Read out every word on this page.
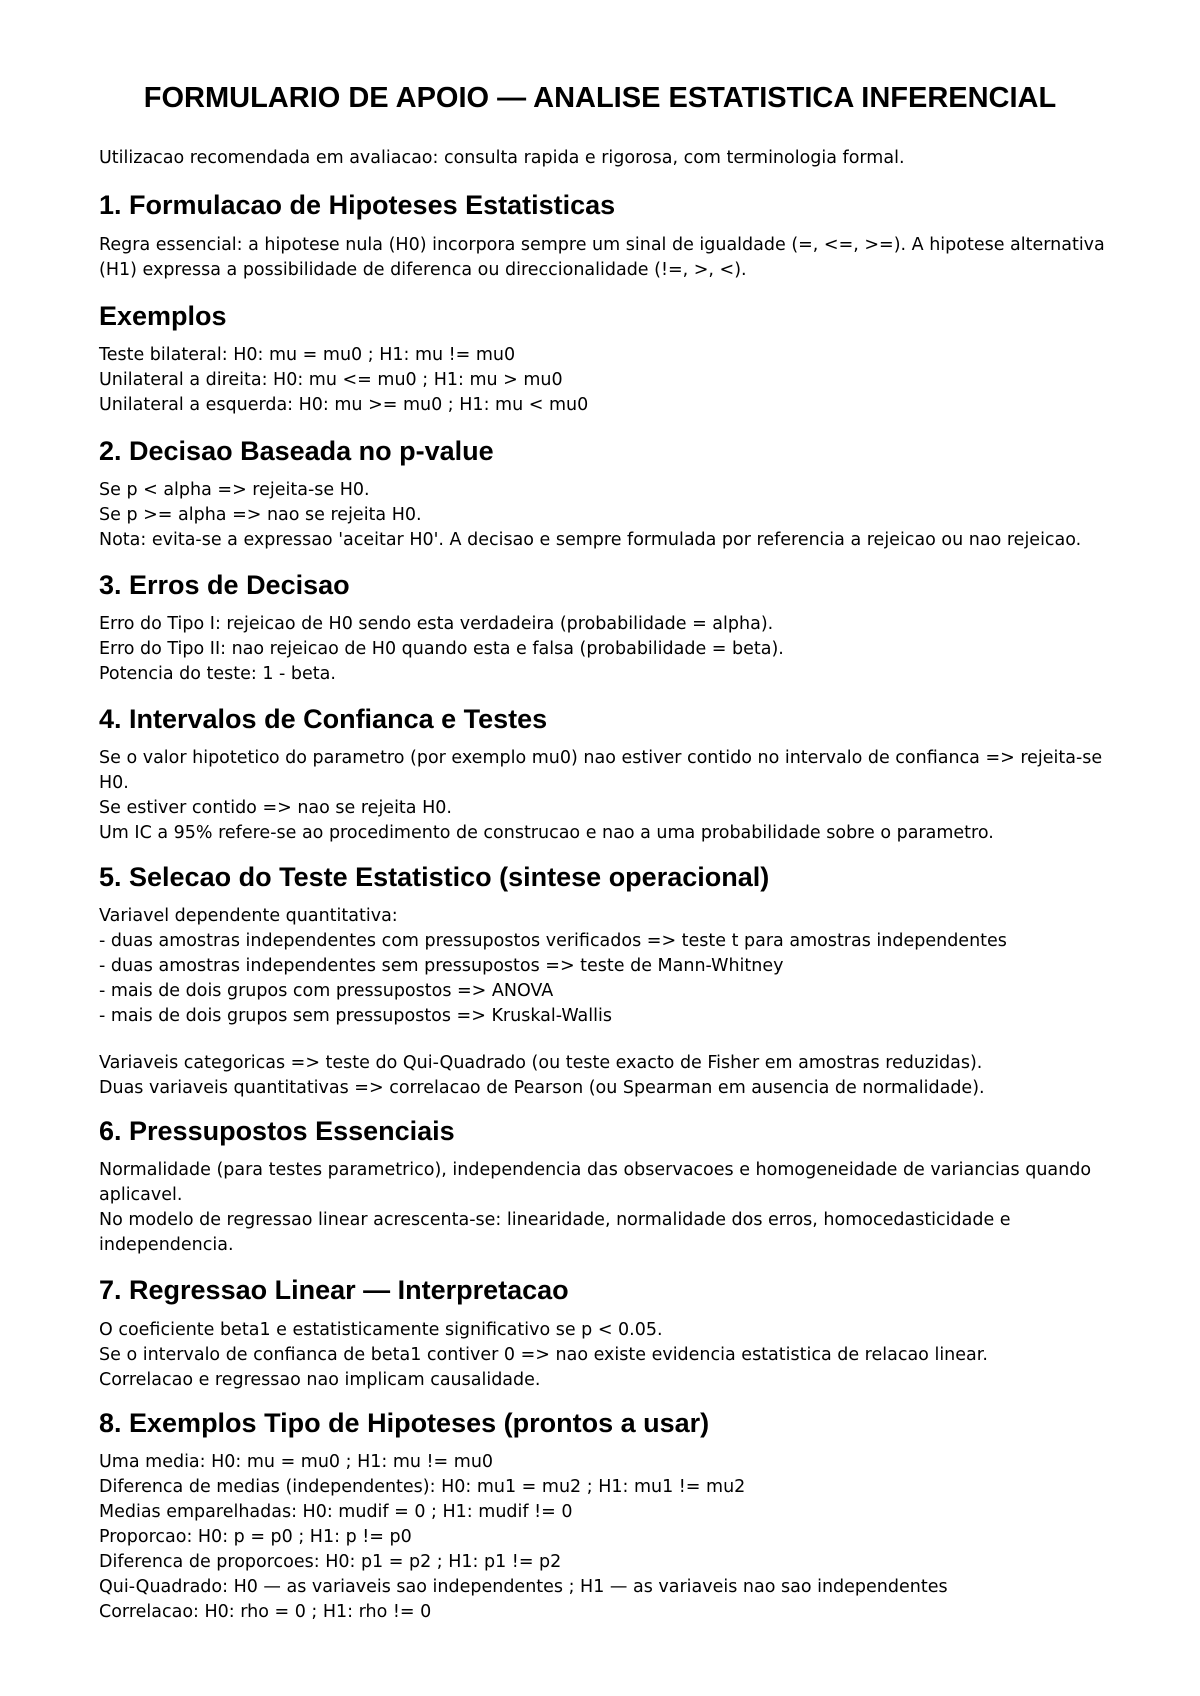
FORMULARIO DE APOIO — ANALISE ESTATISTICA INFERENCIAL

Utilizacao recomendada em avaliacao: consulta rapida e rigorosa, com terminologia formal.

1. Formulacao de Hipoteses Estatisticas

Regra essencial: a hipotese nula (H0) incorpora sempre um sinal de igualdade (=, <=, >=). A hipotese alternativa (H1) expressa a possibilidade de diferenca ou direccionalidade (!=, >, <).

Exemplos

Teste bilateral: H0: mu = mu0 ; H1: mu != mu0
Unilateral a direita: H0: mu <= mu0 ; H1: mu > mu0
Unilateral a esquerda: H0: mu >= mu0 ; H1: mu < mu0

2. Decisao Baseada no p-value

Se p < alpha => rejeita-se H0.
Se p >= alpha => nao se rejeita H0.
Nota: evita-se a expressao 'aceitar H0'. A decisao e sempre formulada por referencia a rejeicao ou nao rejeicao.

3. Erros de Decisao

Erro do Tipo I: rejeicao de H0 sendo esta verdadeira (probabilidade = alpha).
Erro do Tipo II: nao rejeicao de H0 quando esta e falsa (probabilidade = beta).
Potencia do teste: 1 - beta.

4. Intervalos de Confianca e Testes

Se o valor hipotetico do parametro (por exemplo mu0) nao estiver contido no intervalo de confianca => rejeita-se H0.
Se estiver contido => nao se rejeita H0.
Um IC a 95% refere-se ao procedimento de construcao e nao a uma probabilidade sobre o parametro.

5. Selecao do Teste Estatistico (sintese operacional)

Variavel dependente quantitativa:
- duas amostras independentes com pressupostos verificados => teste t para amostras independentes
- duas amostras independentes sem pressupostos => teste de Mann-Whitney
- mais de dois grupos com pressupostos => ANOVA
- mais de dois grupos sem pressupostos => Kruskal-Wallis
Variaveis categoricas => teste do Qui-Quadrado (ou teste exacto de Fisher em amostras reduzidas).
Duas variaveis quantitativas => correlacao de Pearson (ou Spearman em ausencia de normalidade).

6. Pressupostos Essenciais

Normalidade (para testes parametrico), independencia das observacoes e homogeneidade de variancias quando aplicavel.
No modelo de regressao linear acrescenta-se: linearidade, normalidade dos erros, homocedasticidade e independencia.

7. Regressao Linear — Interpretacao

O coeficiente beta1 e estatisticamente significativo se p < 0.05.
Se o intervalo de confianca de beta1 contiver 0 => nao existe evidencia estatistica de relacao linear.
Correlacao e regressao nao implicam causalidade.

8. Exemplos Tipo de Hipoteses (prontos a usar)

Uma media: H0: mu = mu0 ; H1: mu != mu0
Diferenca de medias (independentes): H0: mu1 = mu2 ; H1: mu1 != mu2
Medias emparelhadas: H0: mudif = 0 ; H1: mudif != 0
Proporcao: H0: p = p0 ; H1: p != p0
Diferenca de proporcoes: H0: p1 = p2 ; H1: p1 != p2
Qui-Quadrado: H0 — as variaveis sao independentes ; H1 — as variaveis nao sao independentes
Correlacao: H0: rho = 0 ; H1: rho != 0
